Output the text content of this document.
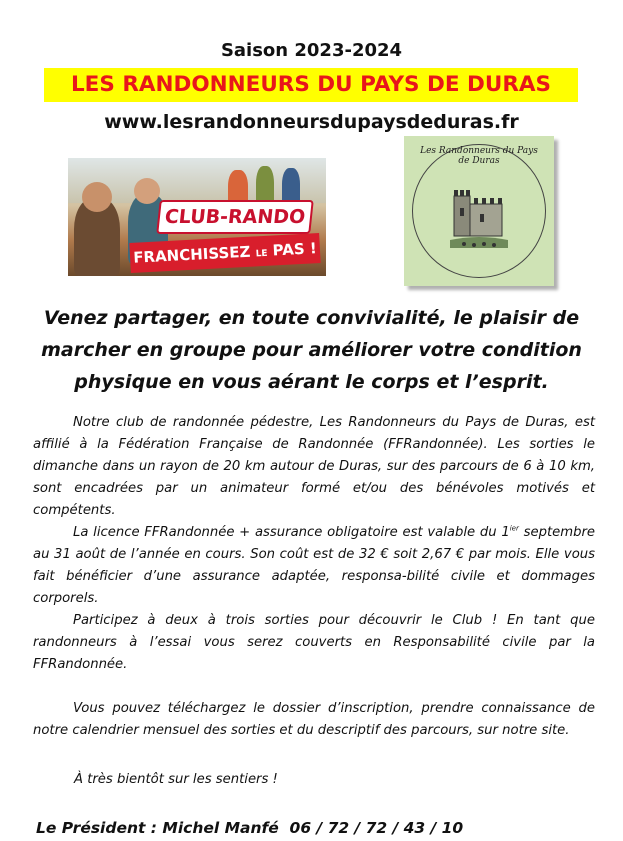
Saison 2023-2024
LES RANDONNEURS DU PAYS DE DURAS
www.lesrandonneursdupaysdeduras.fr
CLUB-RANDO
FRANCHISSEZ LE PAS !
Les Randonneurs du Pays de Duras
Venez partager, en toute convivialité, le plaisir de marcher en groupe pour améliorer votre condition physique en vous aérant le corps et l’esprit.

Notre club de randonnée pédestre, Les Randonneurs du Pays de Duras, est affilié à la Fédération Française de Randonnée (FFRandonnée). Les sorties le dimanche dans un rayon de 20 km autour de Duras, sur des parcours de 6 à 10 km, sont encadrées par un animateur formé et/ou des bénévoles motivés et compétents.

La licence FFRandonnée + assurance obligatoire est valable du $1^{ier}$ septembre au 31 août de l’année en cours. Son coût est de 32 € soit 2,67 € par mois. Elle vous fait bénéficier d’une assurance adaptée, responsa-bilité civile et dommages corporels.

Participez à deux à trois sorties pour découvrir le Club ! En tant que randonneurs à l’essai vous serez couverts en Responsabilité civile par la FFRandonnée.

Vous pouvez téléchargez le dossier d’inscription, prendre connaissance de notre calendrier mensuel des sorties et du descriptif des parcours, sur notre site.

À très bientôt sur les sentiers !
Le Président : Michel Manfé  06 / 72 / 72 / 43 / 10
